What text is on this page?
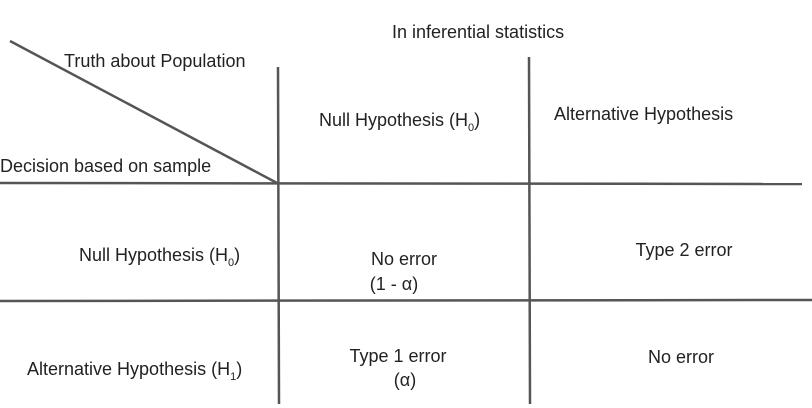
In inferential statistics
Truth about Population
Decision based on sample
Null Hypothesis $(H_0)$	Alternative Hypothesis
Null Hypothesis $(H_0)$
Alternative Hypothesis $(H_1)$
No error
(1 - α)
Type 2 error
Type 1 error
(α)
No error
